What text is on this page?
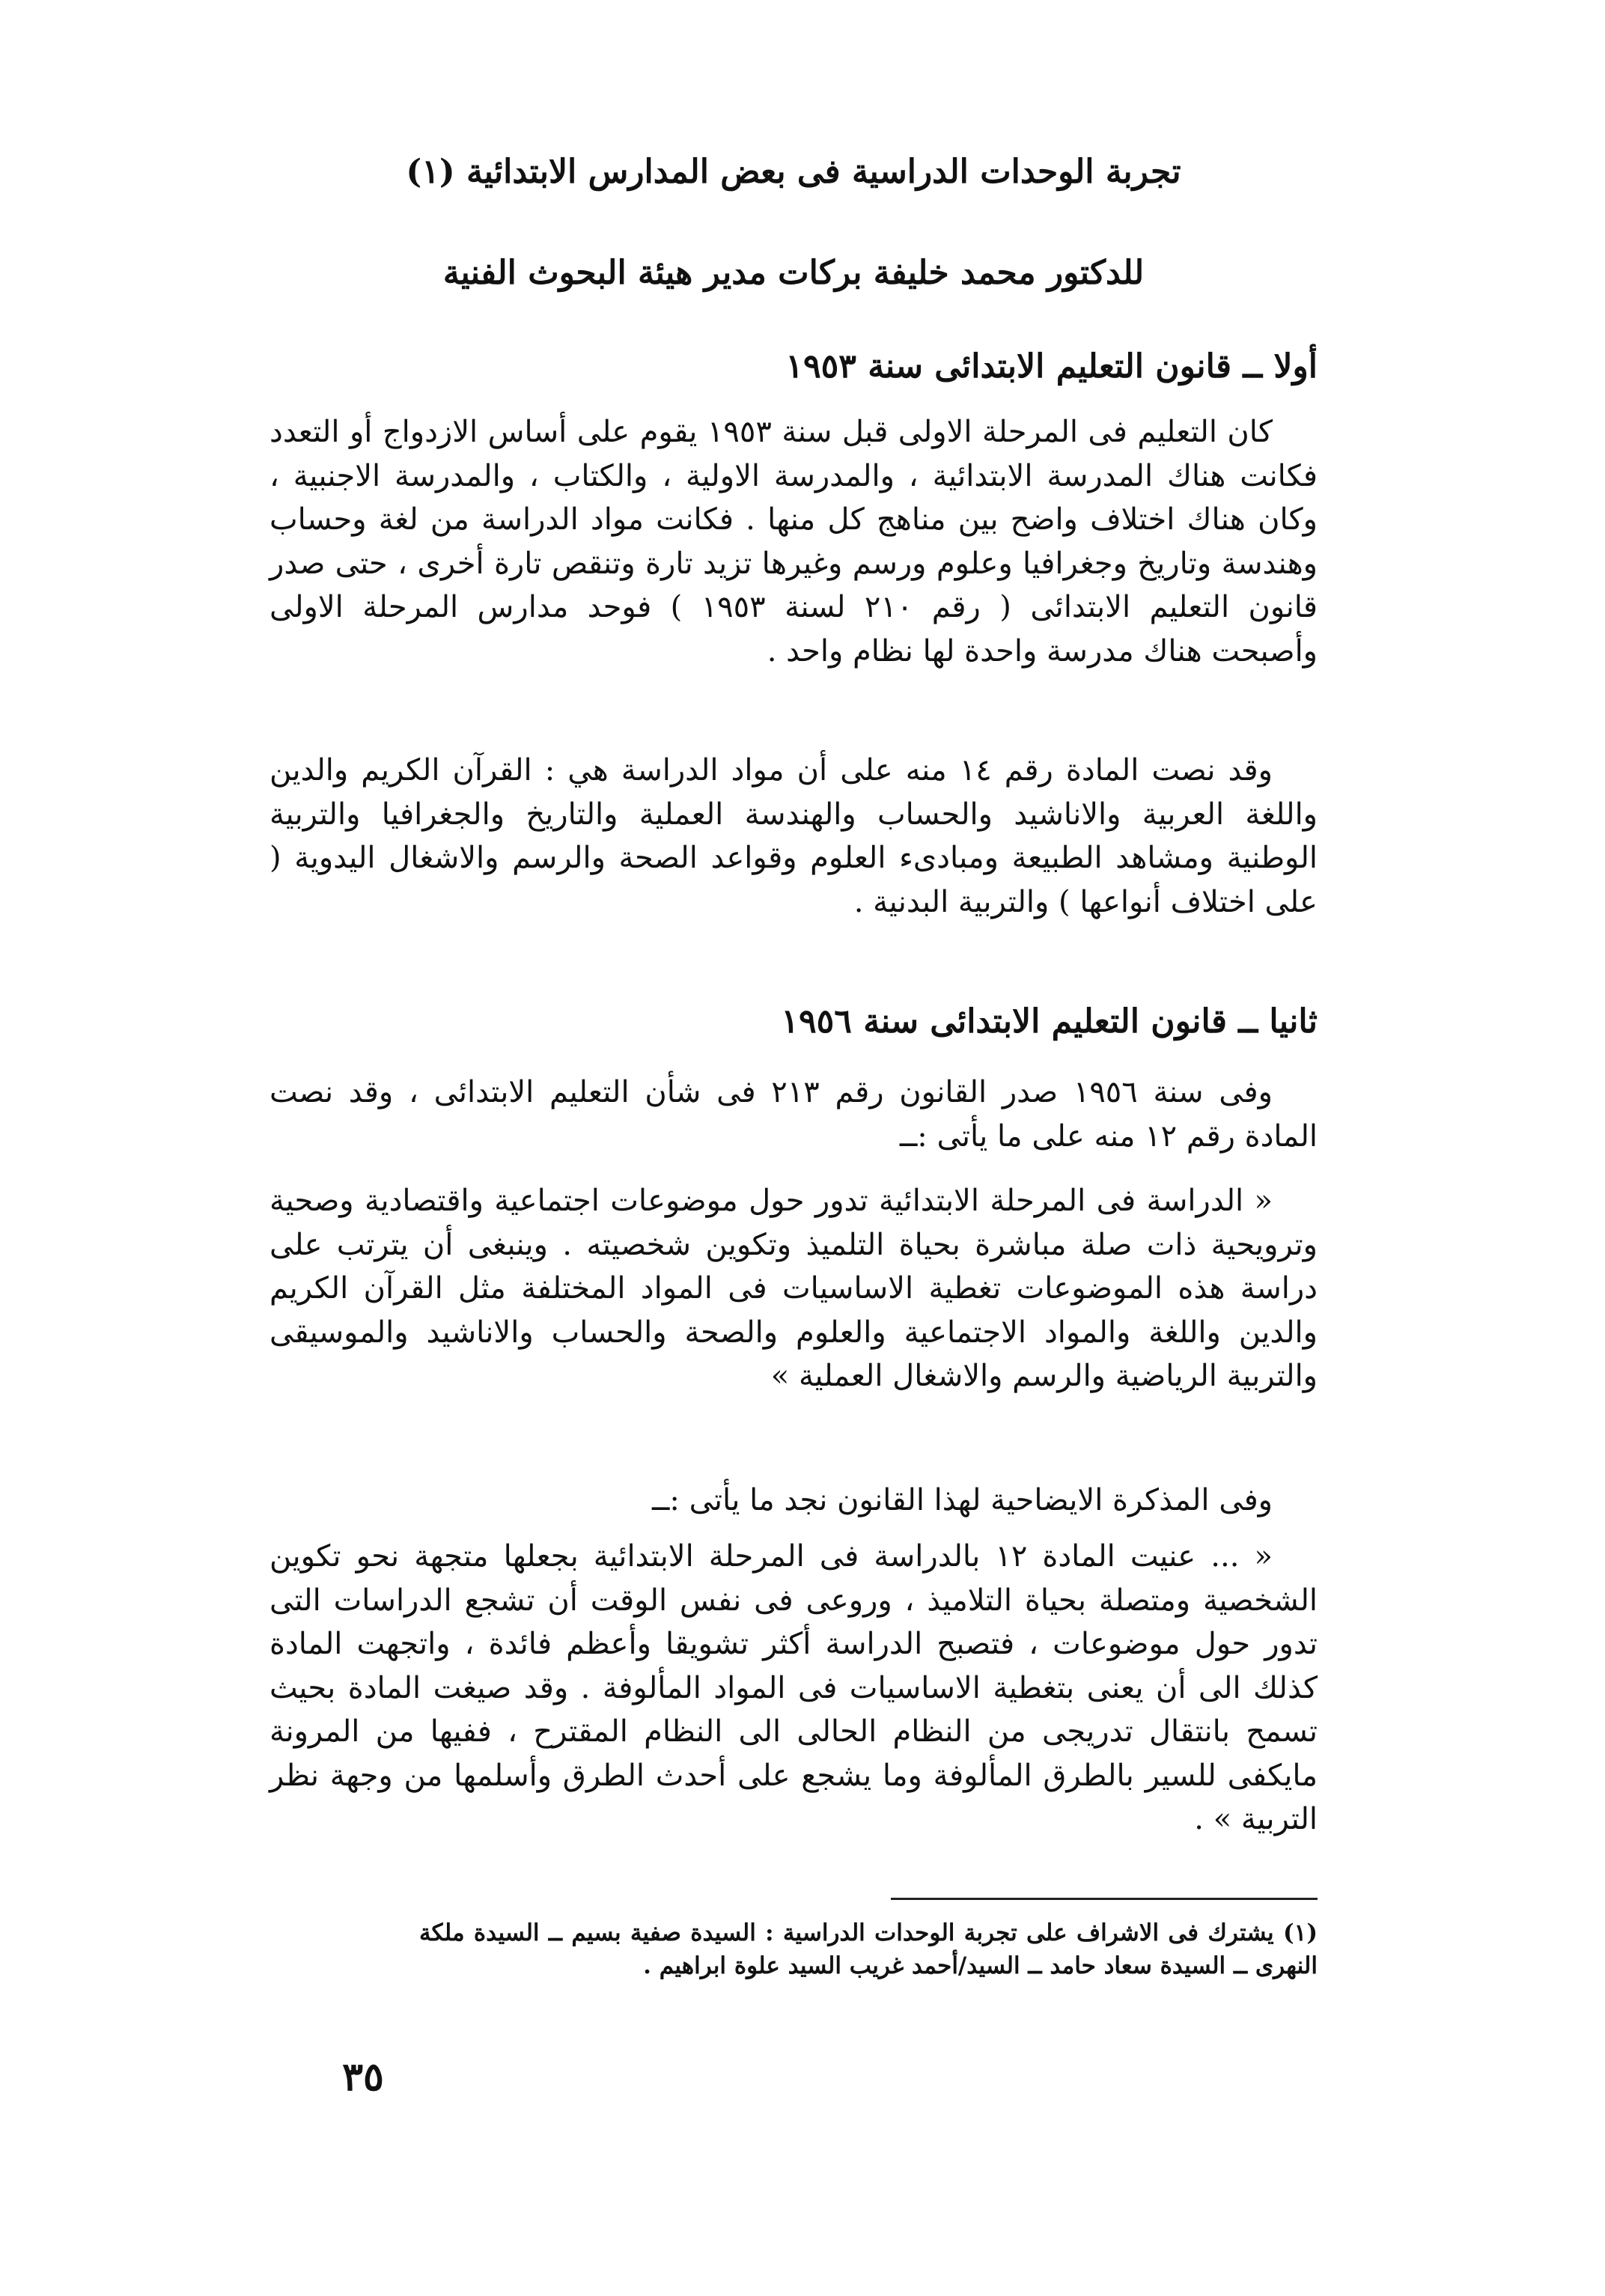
تجربة الوحدات الدراسية فى بعض المدارس الابتدائية (١)
للدكتور محمد خليفة بركات مدير هيئة البحوث الفنية
أولا ــ قانون التعليم الابتدائى سنة ١٩٥٣

كان التعليم فى المرحلة الاولى قبل سنة ١٩٥٣ يقوم على أساس الازدواج أو التعدد فكانت هناك المدرسة الابتدائية ، والمدرسة الاولية ، والكتاب ، والمدرسة الاجنبية ، وكان هناك اختلاف واضح بين مناهج كل منها . فكانت مواد الدراسة من لغة وحساب وهندسة وتاريخ وجغرافيا وعلوم ورسم وغيرها تزيد تارة وتنقص تارة أخرى ، حتى صدر قانون التعليم الابتدائى ( رقم ٢١٠ لسنة ١٩٥٣ ) فوحد مدارس المرحلة الاولى وأصبحت هناك مدرسة واحدة لها نظام واحد .

وقد نصت المادة رقم ١٤ منه على أن مواد الدراسة هي : القرآن الكريم والدين واللغة العربية والاناشيد والحساب والهندسة العملية والتاريخ والجغرافيا والتربية الوطنية ومشاهد الطبيعة ومبادىء العلوم وقواعد الصحة والرسم والاشغال اليدوية ( على اختلاف أنواعها ) والتربية البدنية .

ثانيا ــ قانون التعليم الابتدائى سنة ١٩٥٦

وفى سنة ١٩٥٦ صدر القانون رقم ٢١٣ فى شأن التعليم الابتدائى ، وقد نصت المادة رقم ١٢ منه على ما يأتى :ــ

« الدراسة فى المرحلة الابتدائية تدور حول موضوعات اجتماعية واقتصادية وصحية وترويحية ذات صلة مباشرة بحياة التلميذ وتكوين شخصيته . وينبغى أن يترتب على دراسة هذه الموضوعات تغطية الاساسيات فى المواد المختلفة مثل القرآن الكريم والدين واللغة والمواد الاجتماعية والعلوم والصحة والحساب والاناشيد والموسيقى والتربية الرياضية والرسم والاشغال العملية »

وفى المذكرة الايضاحية لهذا القانون نجد ما يأتى :ــ

« ... عنيت المادة ١٢ بالدراسة فى المرحلة الابتدائية بجعلها متجهة نحو تكوين الشخصية ومتصلة بحياة التلاميذ ، وروعى فى نفس الوقت أن تشجع الدراسات التى تدور حول موضوعات ، فتصبح الدراسة أكثر تشويقا وأعظم فائدة ، واتجهت المادة كذلك الى أن يعنى بتغطية الاساسيات فى المواد المألوفة . وقد صيغت المادة بحيث تسمح بانتقال تدريجى من النظام الحالى الى النظام المقترح ، ففيها من المرونة مايكفى للسير بالطرق المألوفة وما يشجع على أحدث الطرق وأسلمها من وجهة نظر التربية » .

(١) يشترك فى الاشراف على تجربة الوحدات الدراسية : السيدة صفية بسيم ــ السيدة ملكة النهرى ــ السيدة سعاد حامد ــ السيد/أحمد غريب السيد علوة ابراهيم .
٣٥
